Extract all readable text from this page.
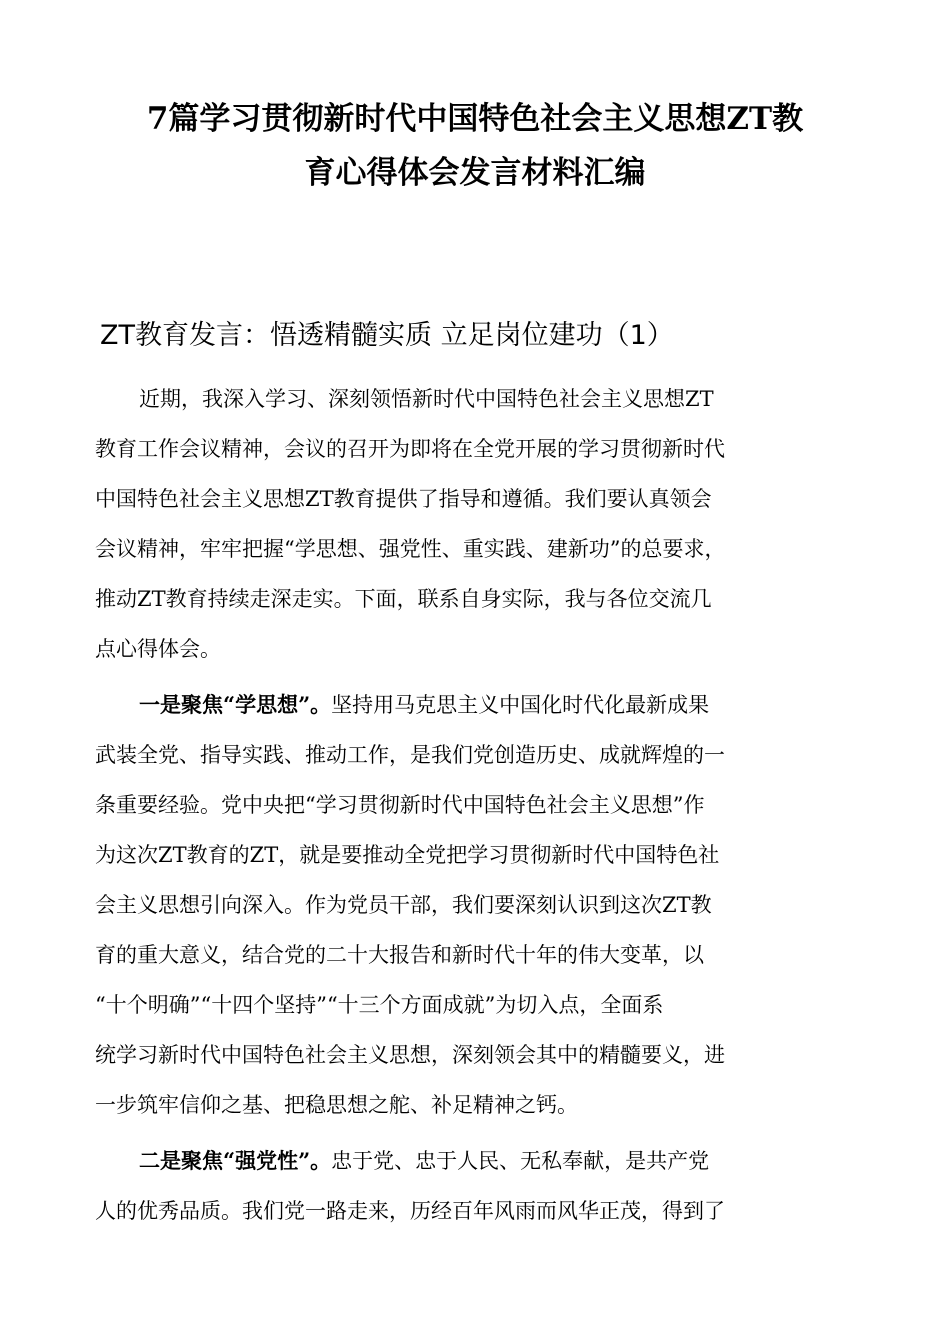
7篇学习贯彻新时代中国特色社会主义思想ZT教
育心得体会发言材料汇编
ZT教育发言：悟透精髓实质 立足岗位建功（1）
近期，我深入学习、深刻领悟新时代中国特色社会主义思想ZT
教育工作会议精神，会议的召开为即将在全党开展的学习贯彻新时代
中国特色社会主义思想ZT教育提供了指导和遵循。我们要认真领会
会议精神，牢牢把握“学思想、强党性、重实践、建新功”的总要求，
推动ZT教育持续走深走实。下面，联系自身实际，我与各位交流几
点心得体会。
一是聚焦“学思想”。坚持用马克思主义中国化时代化最新成果
武装全党、指导实践、推动工作，是我们党创造历史、成就辉煌的一
条重要经验。党中央把“学习贯彻新时代中国特色社会主义思想”作
为这次ZT教育的ZT，就是要推动全党把学习贯彻新时代中国特色社
会主义思想引向深入。作为党员干部，我们要深刻认识到这次ZT教
育的重大意义，结合党的二十大报告和新时代十年的伟大变革，以
“十个明确”“十四个坚持”“十三个方面成就”为切入点，全面系
统学习新时代中国特色社会主义思想，深刻领会其中的精髓要义，进
一步筑牢信仰之基、把稳思想之舵、补足精神之钙。
二是聚焦“强党性”。忠于党、忠于人民、无私奉献，是共产党
人的优秀品质。我们党一路走来，历经百年风雨而风华正茂，得到了
